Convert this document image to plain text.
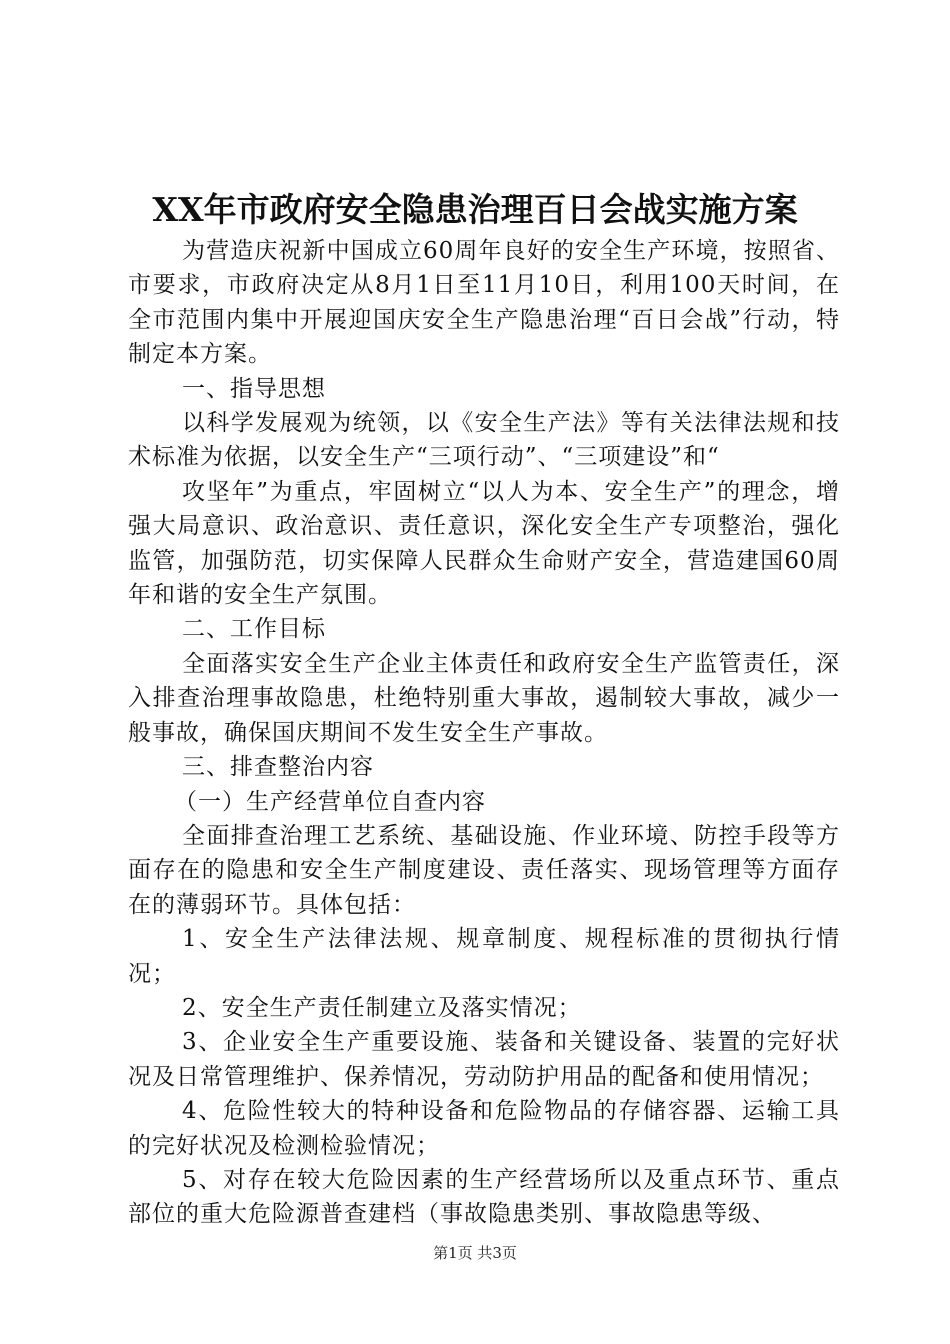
XX年市政府安全隐患治理百日会战实施方案

为营造庆祝新中国成立60周年良好的安全生产环境，按照省、市要求，市政府决定从8月1日至11月10日，利用100天时间，在全市范围内集中开展迎国庆安全生产隐患治理“百日会战”行动，特制定本方案。

一、指导思想

以科学发展观为统领，以《安全生产法》等有关法律法规和技术标准为依据，以安全生产“三项行动”、“三项建设”和“

攻坚年”为重点，牢固树立“以人为本、安全生产”的理念，增强大局意识、政治意识、责任意识，深化安全生产专项整治，强化监管，加强防范，切实保障人民群众生命财产安全，营造建国60周年和谐的安全生产氛围。

二、工作目标

全面落实安全生产企业主体责任和政府安全生产监管责任，深入排查治理事故隐患，杜绝特别重大事故，遏制较大事故，减少一般事故，确保国庆期间不发生安全生产事故。

三、排查整治内容

（一）生产经营单位自查内容

全面排查治理工艺系统、基础设施、作业环境、防控手段等方面存在的隐患和安全生产制度建设、责任落实、现场管理等方面存在的薄弱环节。具体包括：

1、安全生产法律法规、规章制度、规程标准的贯彻执行情况；

2、安全生产责任制建立及落实情况；

3、企业安全生产重要设施、装备和关键设备、装置的完好状况及日常管理维护、保养情况，劳动防护用品的配备和使用情况；

4、危险性较大的特种设备和危险物品的存储容器、运输工具的完好状况及检测检验情况；

5、对存在较大危险因素的生产经营场所以及重点环节、重点部位的重大危险源普查建档（事故隐患类别、事故隐患等级、

第1页 共3页
